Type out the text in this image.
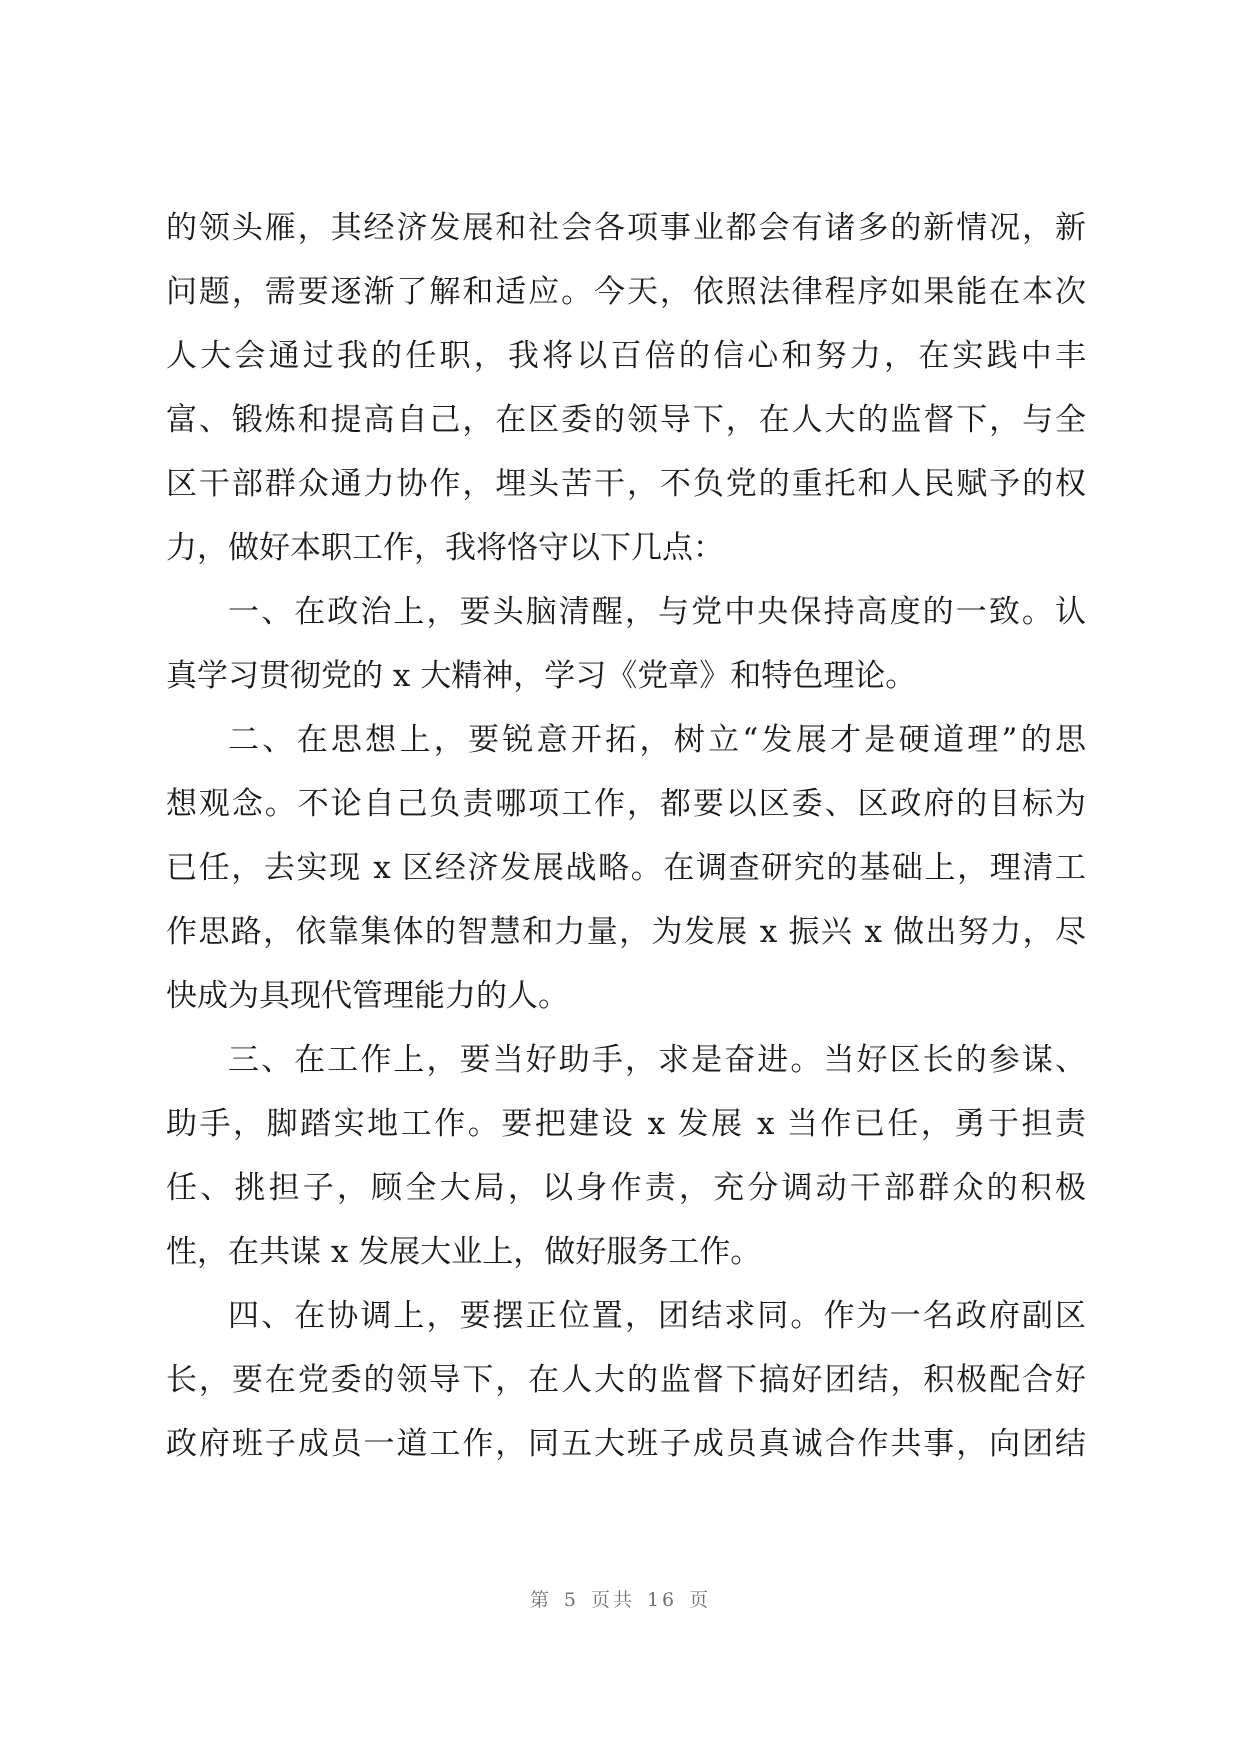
的领头雁，其经济发展和社会各项事业都会有诸多的新情况，新
问题，需要逐渐了解和适应。今天，依照法律程序如果能在本次
人大会通过我的任职，我将以百倍的信心和努力，在实践中丰
富、锻炼和提高自己，在区委的领导下，在人大的监督下，与全
区干部群众通力协作，埋头苦干，不负党的重托和人民赋予的权
力，做好本职工作，我将恪守以下几点：
一、在政治上，要头脑清醒，与党中央保持高度的一致。认
真学习贯彻党的 x 大精神，学习《党章》和特色理论。
二、在思想上，要锐意开拓，树立“发展才是硬道理”的思
想观念。不论自己负责哪项工作，都要以区委、区政府的目标为
已任，去实现 x 区经济发展战略。在调查研究的基础上，理清工
作思路，依靠集体的智慧和力量，为发展 x 振兴 x 做出努力，尽
快成为具现代管理能力的人。
三、在工作上，要当好助手，求是奋进。当好区长的参谋、
助手，脚踏实地工作。要把建设 x 发展 x 当作已任，勇于担责
任、挑担子，顾全大局，以身作责，充分调动干部群众的积极
性，在共谋 x 发展大业上，做好服务工作。
四、在协调上，要摆正位置，团结求同。作为一名政府副区
长，要在党委的领导下，在人大的监督下搞好团结，积极配合好
政府班子成员一道工作，同五大班子成员真诚合作共事，向团结
第 5 页共 16 页
